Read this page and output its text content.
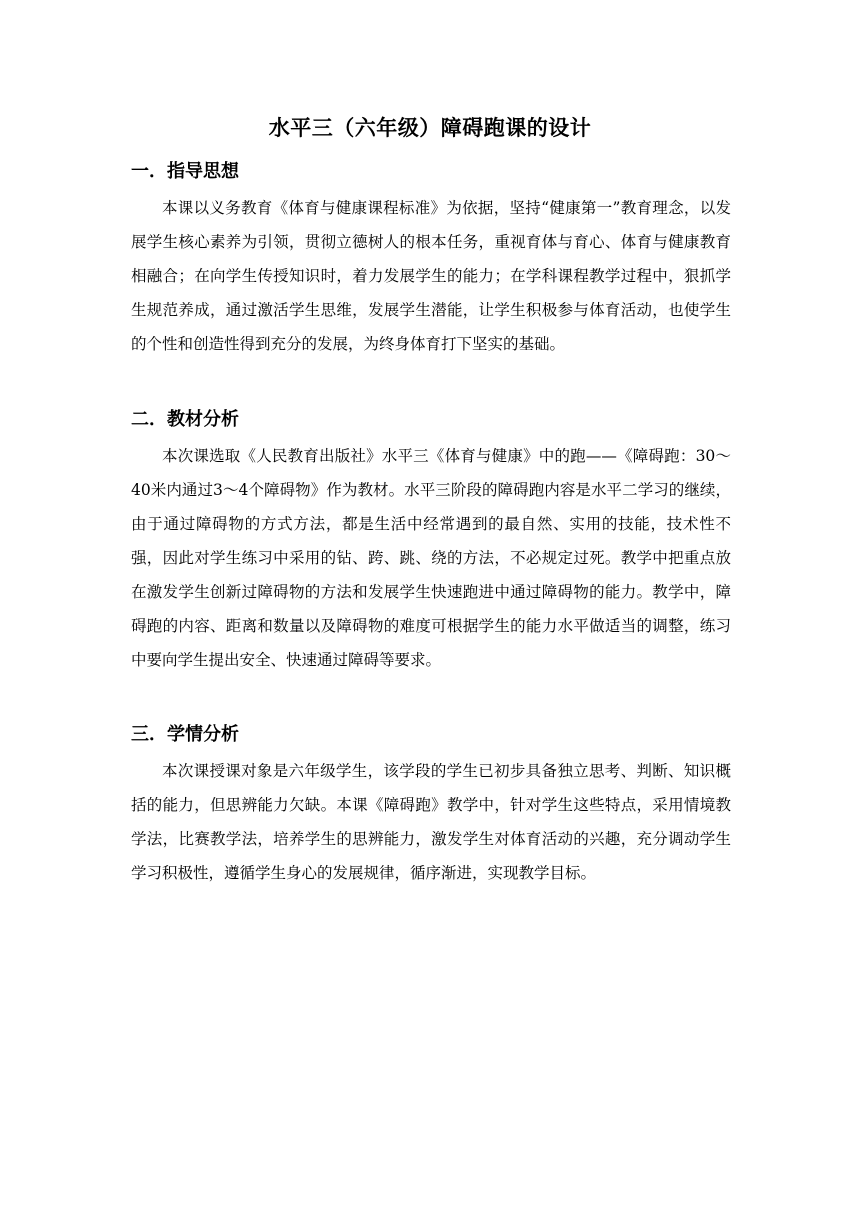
水平三（六年级）障碍跑课的设计
一．指导思想

本课以义务教育《体育与健康课程标准》为依据，坚持“健康第一”教育理念，以发展学生核心素养为引领，贯彻立德树人的根本任务，重视育体与育心、体育与健康教育相融合；在向学生传授知识时，着力发展学生的能力；在学科课程教学过程中，狠抓学生规范养成，通过激活学生思维，发展学生潜能，让学生积极参与体育活动，也使学生的个性和创造性得到充分的发展，为终身体育打下坚实的基础。

二．教材分析

本次课选取《人民教育出版社》水平三《体育与健康》中的跑——《障碍跑：30～40米内通过3～4个障碍物》作为教材。水平三阶段的障碍跑内容是水平二学习的继续，由于通过障碍物的方式方法，都是生活中经常遇到的最自然、实用的技能，技术性不强，因此对学生练习中采用的钻、跨、跳、绕的方法，不必规定过死。教学中把重点放在激发学生创新过障碍物的方法和发展学生快速跑进中通过障碍物的能力。教学中，障碍跑的内容、距离和数量以及障碍物的难度可根据学生的能力水平做适当的调整，练习中要向学生提出安全、快速通过障碍等要求。

三．学情分析

本次课授课对象是六年级学生，该学段的学生已初步具备独立思考、判断、知识概括的能力，但思辨能力欠缺。本课《障碍跑》教学中，针对学生这些特点，采用情境教学法，比赛教学法，培养学生的思辨能力，激发学生对体育活动的兴趣，充分调动学生学习积极性，遵循学生身心的发展规律，循序渐进，实现教学目标。
